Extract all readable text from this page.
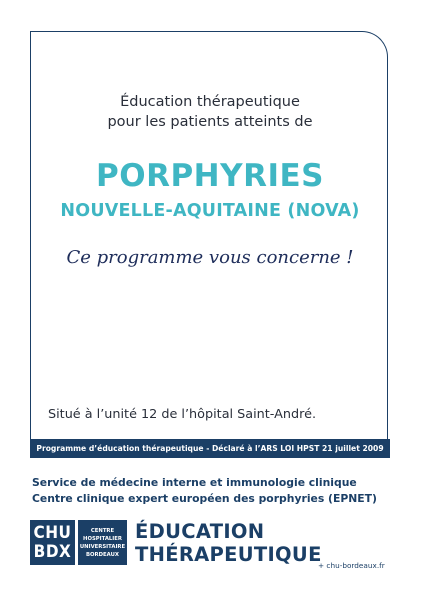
Éducation thérapeutique
pour les patients atteints de
PORPHYRIES
NOUVELLE-AQUITAINE (NOVA)
Ce programme vous concerne !
Situé à l’unité 12 de l’hôpital Saint-André.
Programme d’éducation thérapeutique - Déclaré à l’ARS LOI HPST 21 juillet 2009
Service de médecine interne et immunologie clinique
Centre clinique expert européen des porphyries (EPNET)
CHU
BDX
CENTRE
HOSPITALIER
UNIVERSITAIRE
BORDEAUX
ÉDUCATION
THÉRAPEUTIQUE
+ chu-bordeaux.fr
